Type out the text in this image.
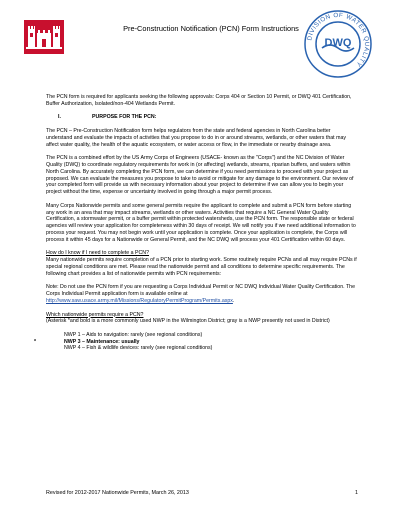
Pre-Construction Notification (PCN) Form Instructions
DIVISION OF WATER QUALITY
DWQ

The PCN form is required for applicants seeking the following approvals: Corps 404 or Section 10 Permit, or DWQ 401 Certification, Buffer Authorization, Isolated/non-404 Wetlands Permit.

I.	PURPOSE FOR THE PCN:

The PCN – Pre-Construction Notification form helps regulators from the state and federal agencies in North Carolina better understand and evaluate the impacts of activities that you propose to do in or around streams, wetlands, or other waters that may affect water quality, the health of the aquatic ecosystem, or water access or flow, in the immediate or nearby drainage area.

The PCN is a combined effort by the US Army Corps of Engineers (USACE- known as the "Corps") and the NC Division of Water Quality (DWQ) to coordinate regulatory requirements for work in (or affecting) wetlands, streams, riparian buffers, and waters within North Carolina. By accurately completing the PCN form, we can determine if you need permissions to proceed with your project as proposed. We can evaluate the measures you propose to take to avoid or mitigate for any damage to the environment. Our review of your completed form will provide us with necessary information about your project to determine if we can allow you to begin your project without the time, expense or uncertainty involved in going through a major permit process.

Many Corps Nationwide permits and some general permits require the applicant to complete and submit a PCN form before starting any work in an area that may impact streams, wetlands or other waters. Activities that require a NC General Water Quality Certification, a stormwater permit, or a buffer permit within protected watersheds, use the PCN form. The responsible state or federal agencies will review your application for completeness within 30 days of receipt. We will notify you if we need additional information to process your request. You may not begin work until your application is complete. Once your application is complete, the Corps will process it within 45 days for a Nationwide or General Permit, and the NC DWQ will process your 401 Certification within 60 days.

How do I know if I need to complete a PCN?

Many nationwide permits require completion of a PCN prior to starting work. Some routinely require PCNs and all may require PCNs if special regional conditions are met. Please read the nationwide permit and all conditions to determine specific requirements. The following chart provides a list of nationwide permits with PCN requirements:

Note: Do not use the PCN form if you are requesting a Corps Individual Permit or NC DWQ Individual Water Quality Certification. The Corps Individual Permit application form is available online at http://www.saw.usace.army.mil/Missions/RegulatoryPermitProgram/Permits.aspx.

Which nationwide permits require a PCN?

(Asterisk *and bold is a more commonly used NWP in the Wilmington District; gray is a NWP presently not used in District)

NWP 1 – Aids to navigation: rarely (see regional conditions)
*	NWP 3 – Maintenance: usually
NWP 4 – Fish & wildlife devices: rarely (see regional conditions)
Revised for 2012-2017 Nationwide Permits, March 26, 2013	1
